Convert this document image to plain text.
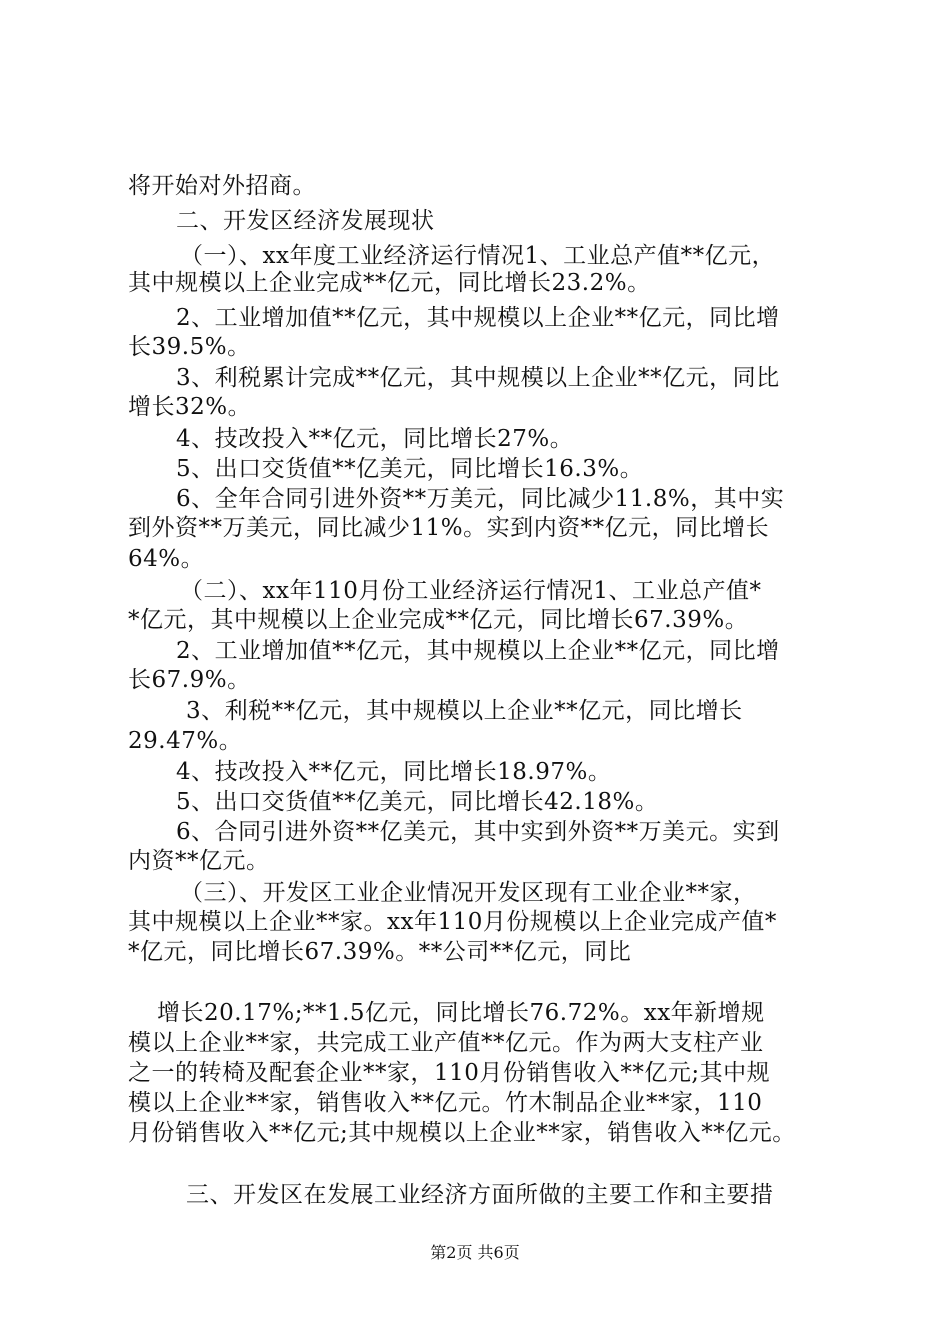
将开始对外招商。
二、开发区经济发展现状
（一）、xx年度工业经济运行情况1、工业总产值**亿元，
其中规模以上企业完成**亿元，同比增长23.2%。
2、工业增加值**亿元，其中规模以上企业**亿元，同比增
长39.5%。
3、利税累计完成**亿元，其中规模以上企业**亿元，同比
增长32%。
4、技改投入**亿元，同比增长27%。
5、出口交货值**亿美元，同比增长16.3%。
6、全年合同引进外资**万美元，同比减少11.8%，其中实
到外资**万美元，同比减少11%。实到内资**亿元，同比增长
64%。
（二）、xx年110月份工业经济运行情况1、工业总产值*
*亿元，其中规模以上企业完成**亿元，同比增长67.39%。
2、工业增加值**亿元，其中规模以上企业**亿元，同比增
长67.9%。
3、利税**亿元，其中规模以上企业**亿元，同比增长
29.47%。
4、技改投入**亿元，同比增长18.97%。
5、出口交货值**亿美元，同比增长42.18%。
6、合同引进外资**亿美元，其中实到外资**万美元。实到
内资**亿元。
（三）、开发区工业企业情况开发区现有工业企业**家，
其中规模以上企业**家。xx年110月份规模以上企业完成产值*
*亿元，同比增长67.39%。**公司**亿元，同比
增长20.17%;**1.5亿元，同比增长76.72%。xx年新增规
模以上企业**家，共完成工业产值**亿元。作为两大支柱产业
之一的转椅及配套企业**家，110月份销售收入**亿元;其中规
模以上企业**家，销售收入**亿元。竹木制品企业**家，110
月份销售收入**亿元;其中规模以上企业**家，销售收入**亿元。
三、开发区在发展工业经济方面所做的主要工作和主要措
第2页 共6页
